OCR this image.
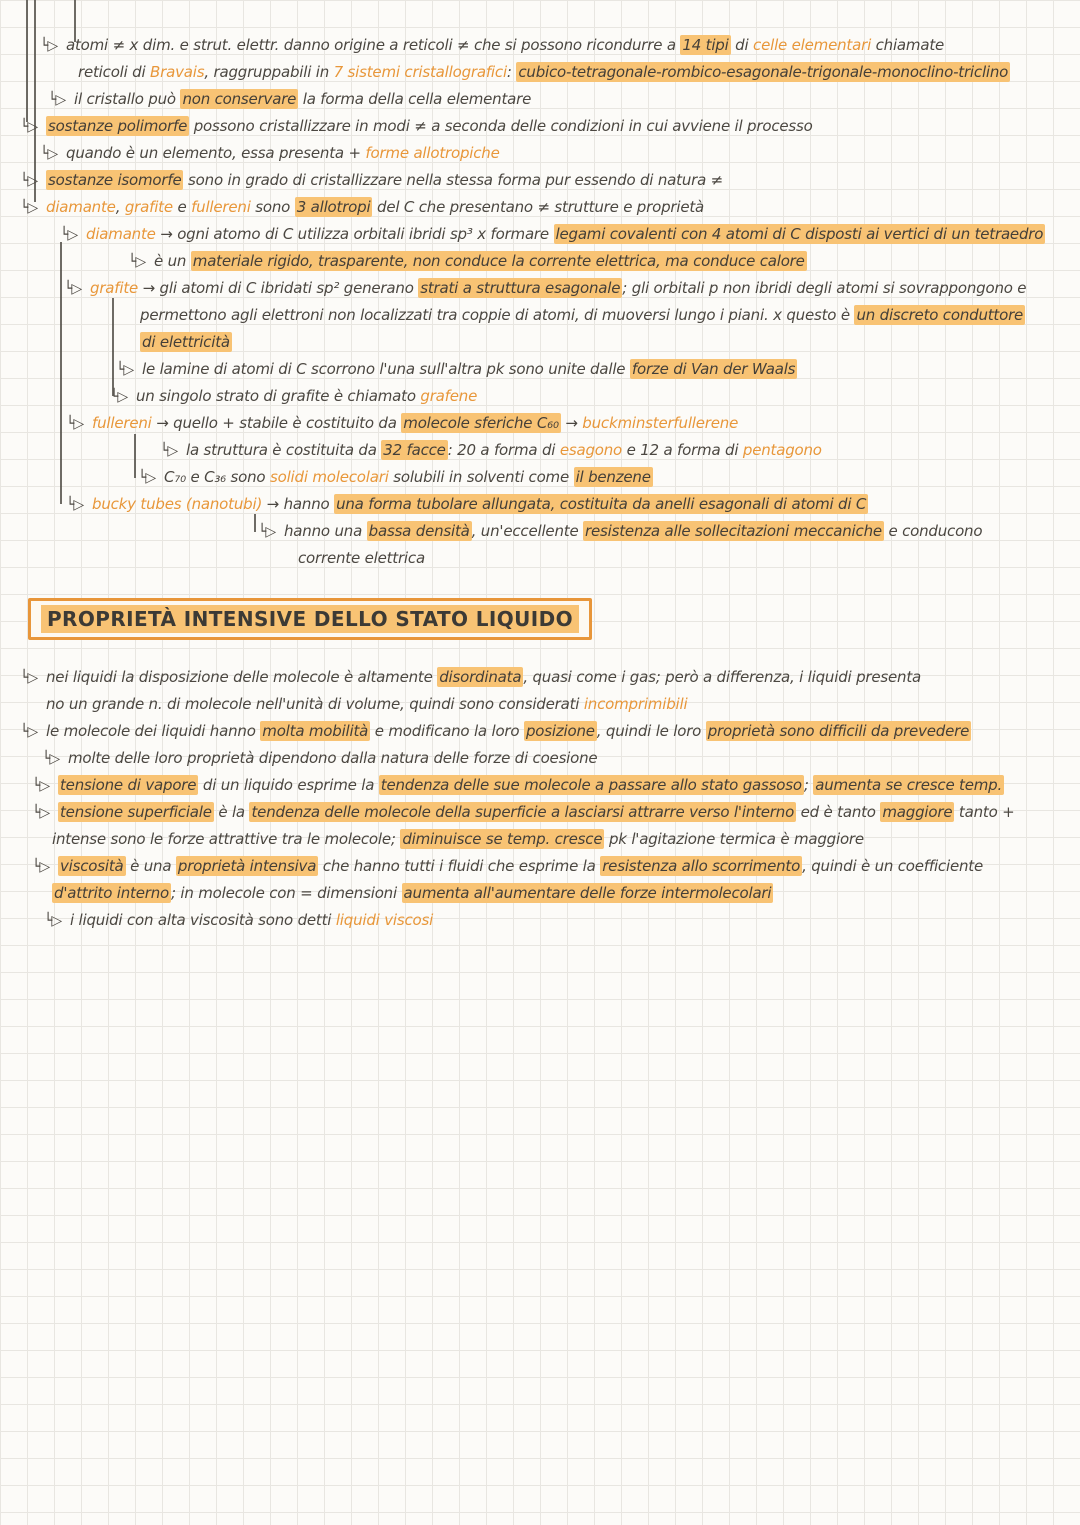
└▷ atomi ≠ x dim. e strut. elettr. danno origine a reticoli ≠ che si possono ricondurre a 14 tipi di celle elementari chiamate
reticoli di Bravais, raggruppabili in 7 sistemi cristallografici: cubico-tetragonale-rombico-esagonale-trigonale-monoclino-triclino
└▷ il cristallo può non conservare la forma della cella elementare
└▷ sostanze polimorfe possono cristallizzare in modi ≠ a seconda delle condizioni in cui avviene il processo
└▷ quando è un elemento, essa presenta + forme allotropiche
└▷ sostanze isomorfe sono in grado di cristallizzare nella stessa forma pur essendo di natura ≠
└▷ diamante, grafite e fullereni sono 3 allotropi del C che presentano ≠ strutture e proprietà
└▷ diamante → ogni atomo di C utilizza orbitali ibridi sp³ x formare legami covalenti con 4 atomi di C disposti ai vertici di un tetraedro
└▷ è un materiale rigido, trasparente, non conduce la corrente elettrica, ma conduce calore
└▷ grafite → gli atomi di C ibridati sp² generano strati a struttura esagonale ; gli orbitali p non ibridi degli atomi si sovrappongono e
permettono agli elettroni non localizzati tra coppie di atomi, di muoversi lungo i piani. x questo è un discreto conduttore
di elettricità
└▷ le lamine di atomi di C scorrono l'una sull'altra pk sono unite dalle forze di Van der Waals
└▷ un singolo strato di grafite è chiamato grafene
└▷ fullereni → quello + stabile è costituito da molecole sferiche C₆₀ → buckminsterfullerene
└▷ la struttura è costituita da 32 facce : 20 a forma di esagono e 12 a forma di pentagono
└▷ C₇₀ e C₃₆ sono solidi molecolari solubili in solventi come il benzene
└▷ bucky tubes (nanotubi) → hanno una forma tubolare allungata, costituita da anelli esagonali di atomi di C
└▷ hanno una bassa densità , un'eccellente resistenza alle sollecitazioni meccaniche e conducono
corrente elettrica
PROPRIETÀ INTENSIVE DELLO STATO LIQUIDO
└▷ nei liquidi la disposizione delle molecole è altamente disordinata , quasi come i gas; però a differenza, i liquidi presenta
no un grande n. di molecole nell'unità di volume, quindi sono considerati incomprimibili
└▷ le molecole dei liquidi hanno molta mobilità e modificano la loro posizione , quindi le loro proprietà sono difficili da prevedere
└▷ molte delle loro proprietà dipendono dalla natura delle forze di coesione
└▷ tensione di vapore di un liquido esprime la tendenza delle sue molecole a passare allo stato gassoso ; aumenta se cresce temp.
└▷ tensione superficiale è la tendenza delle molecole della superficie a lasciarsi attrarre verso l'interno ed è tanto maggiore tanto +
intense sono le forze attrattive tra le molecole; diminuisce se temp. cresce pk l'agitazione termica è maggiore
└▷ viscosità è una proprietà intensiva che hanno tutti i fluidi che esprime la resistenza allo scorrimento , quindi è un coefficiente
d'attrito interno ; in molecole con = dimensioni aumenta all'aumentare delle forze intermolecolari
└▷ i liquidi con alta viscosità sono detti liquidi viscosi
